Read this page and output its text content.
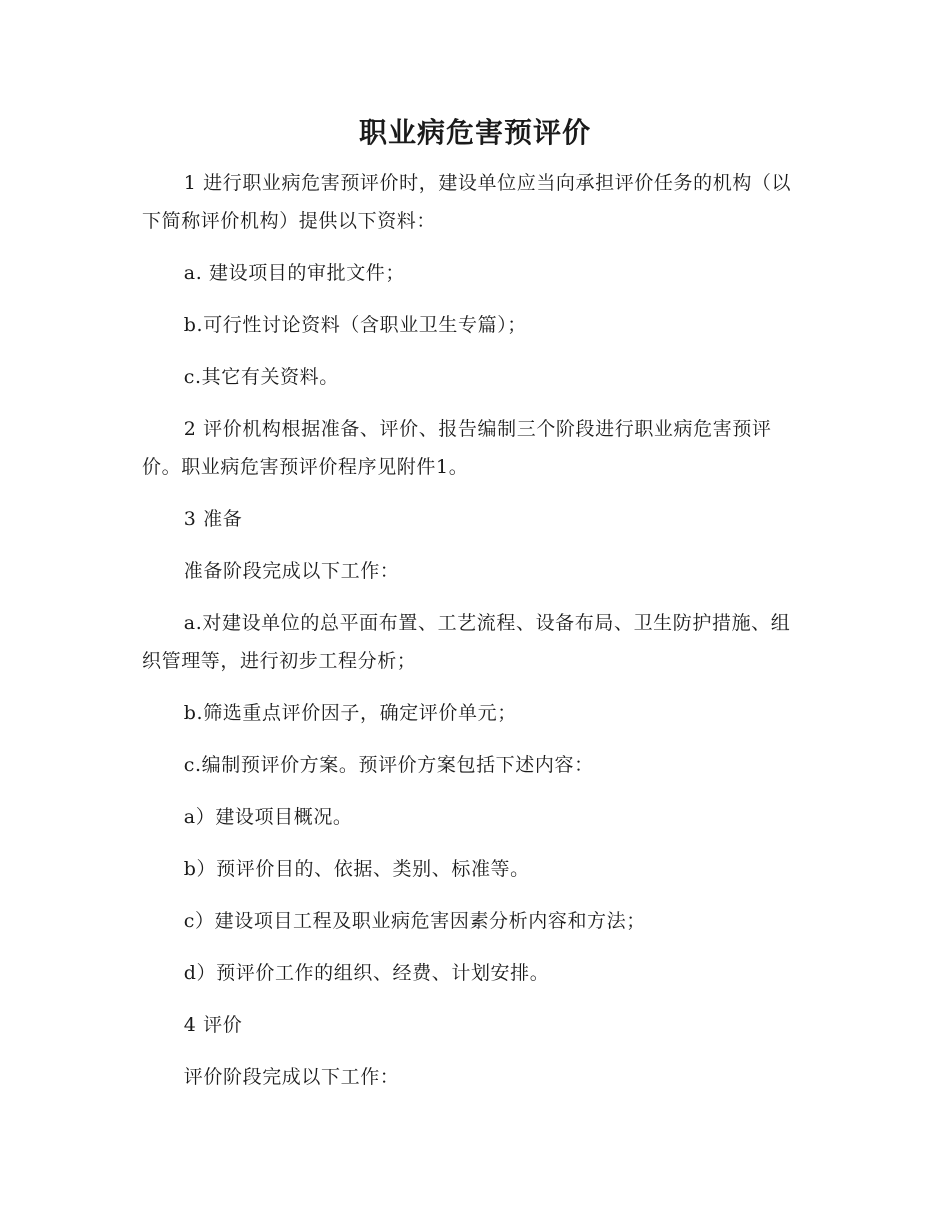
职业病危害预评价

1 进行职业病危害预评价时，建设单位应当向承担评价任务的机构（以下简称评价机构）提供以下资料：

a. 建设项目的审批文件；

b.可行性讨论资料（含职业卫生专篇）；

c.其它有关资料。

2 评价机构根据准备、评价、报告编制三个阶段进行职业病危害预评价。职业病危害预评价程序见附件1。

3 准备

准备阶段完成以下工作：

a.对建设单位的总平面布置、工艺流程、设备布局、卫生防护措施、组织管理等，进行初步工程分析；

b.筛选重点评价因子，确定评价单元；

c.编制预评价方案。预评价方案包括下述内容：

a）建设项目概况。

b）预评价目的、依据、类别、标准等。

c）建设项目工程及职业病危害因素分析内容和方法；

d）预评价工作的组织、经费、计划安排。

4 评价

评价阶段完成以下工作：
